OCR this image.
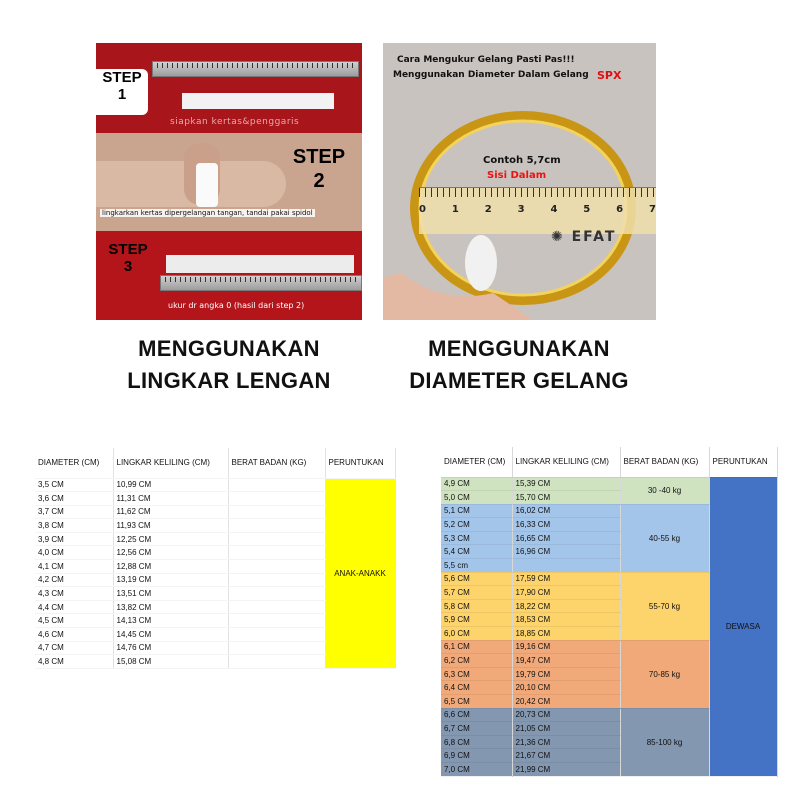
STEP
1
siapkan kertas&penggaris
STEP
2
lingkarkan kertas dipergelangan tangan, tandai pakai spidol
STEP
3
ukur dr angka 0 (hasil dari step 2)
Cara Mengukur Gelang Pasti Pas!!!
Menggunakan Diameter Dalam Gelang SPX
Contoh 5,7cm
Sisi Dalam
0	1	2	3	4	5	6	7
✺ EFAT
MENGGUNAKAN
LINGKAR LENGAN
MENGGUNAKAN
DIAMETER GELANG
DIAMETER (CM)	LINGKAR KELILING (CM)	BERAT BADAN (KG)	PERUNTUKAN
3,5 CM	10,99 CM		ANAK-ANAKK
3,6 CM	11,31 CM		
3,7 CM	11,62 CM		
3,8 CM	11,93 CM		
3,9 CM	12,25 CM		
4,0 CM	12,56 CM		
4,1 CM	12,88 CM		
4,2 CM	13,19 CM		
4,3 CM	13,51 CM		
4,4 CM	13,82 CM		
4,5 CM	14,13 CM		
4,6 CM	14,45 CM		
4,7 CM	14,76 CM		
4,8 CM	15,08 CM		
DIAMETER (CM)	LINGKAR KELILING (CM)	BERAT BADAN (KG)	PERUNTUKAN
4,9 CM	15,39 CM	30 -40 kg	DEWASA
5,0 CM	15,70 CM		
5,1 CM	16,02 CM	40-55 kg	
5,2 CM	16,33 CM		
5,3 CM	16,65 CM		
5,4 CM	16,96 CM		
5,5 cm			
5,6 CM	17,59 CM	55-70 kg	
5,7 CM	17,90 CM		
5,8 CM	18,22 CM		
5,9 CM	18,53 CM		
6,0 CM	18,85 CM		
6,1 CM	19,16 CM	70-85 kg	
6,2 CM	19,47 CM		
6,3 CM	19,79 CM		
6,4 CM	20,10 CM		
6,5 CM	20,42 CM		
6,6 CM	20,73 CM	85-100 kg	
6,7 CM	21,05 CM		
6,8 CM	21,36 CM		
6,9 CM	21,67 CM		
7,0 CM	21,99 CM		
